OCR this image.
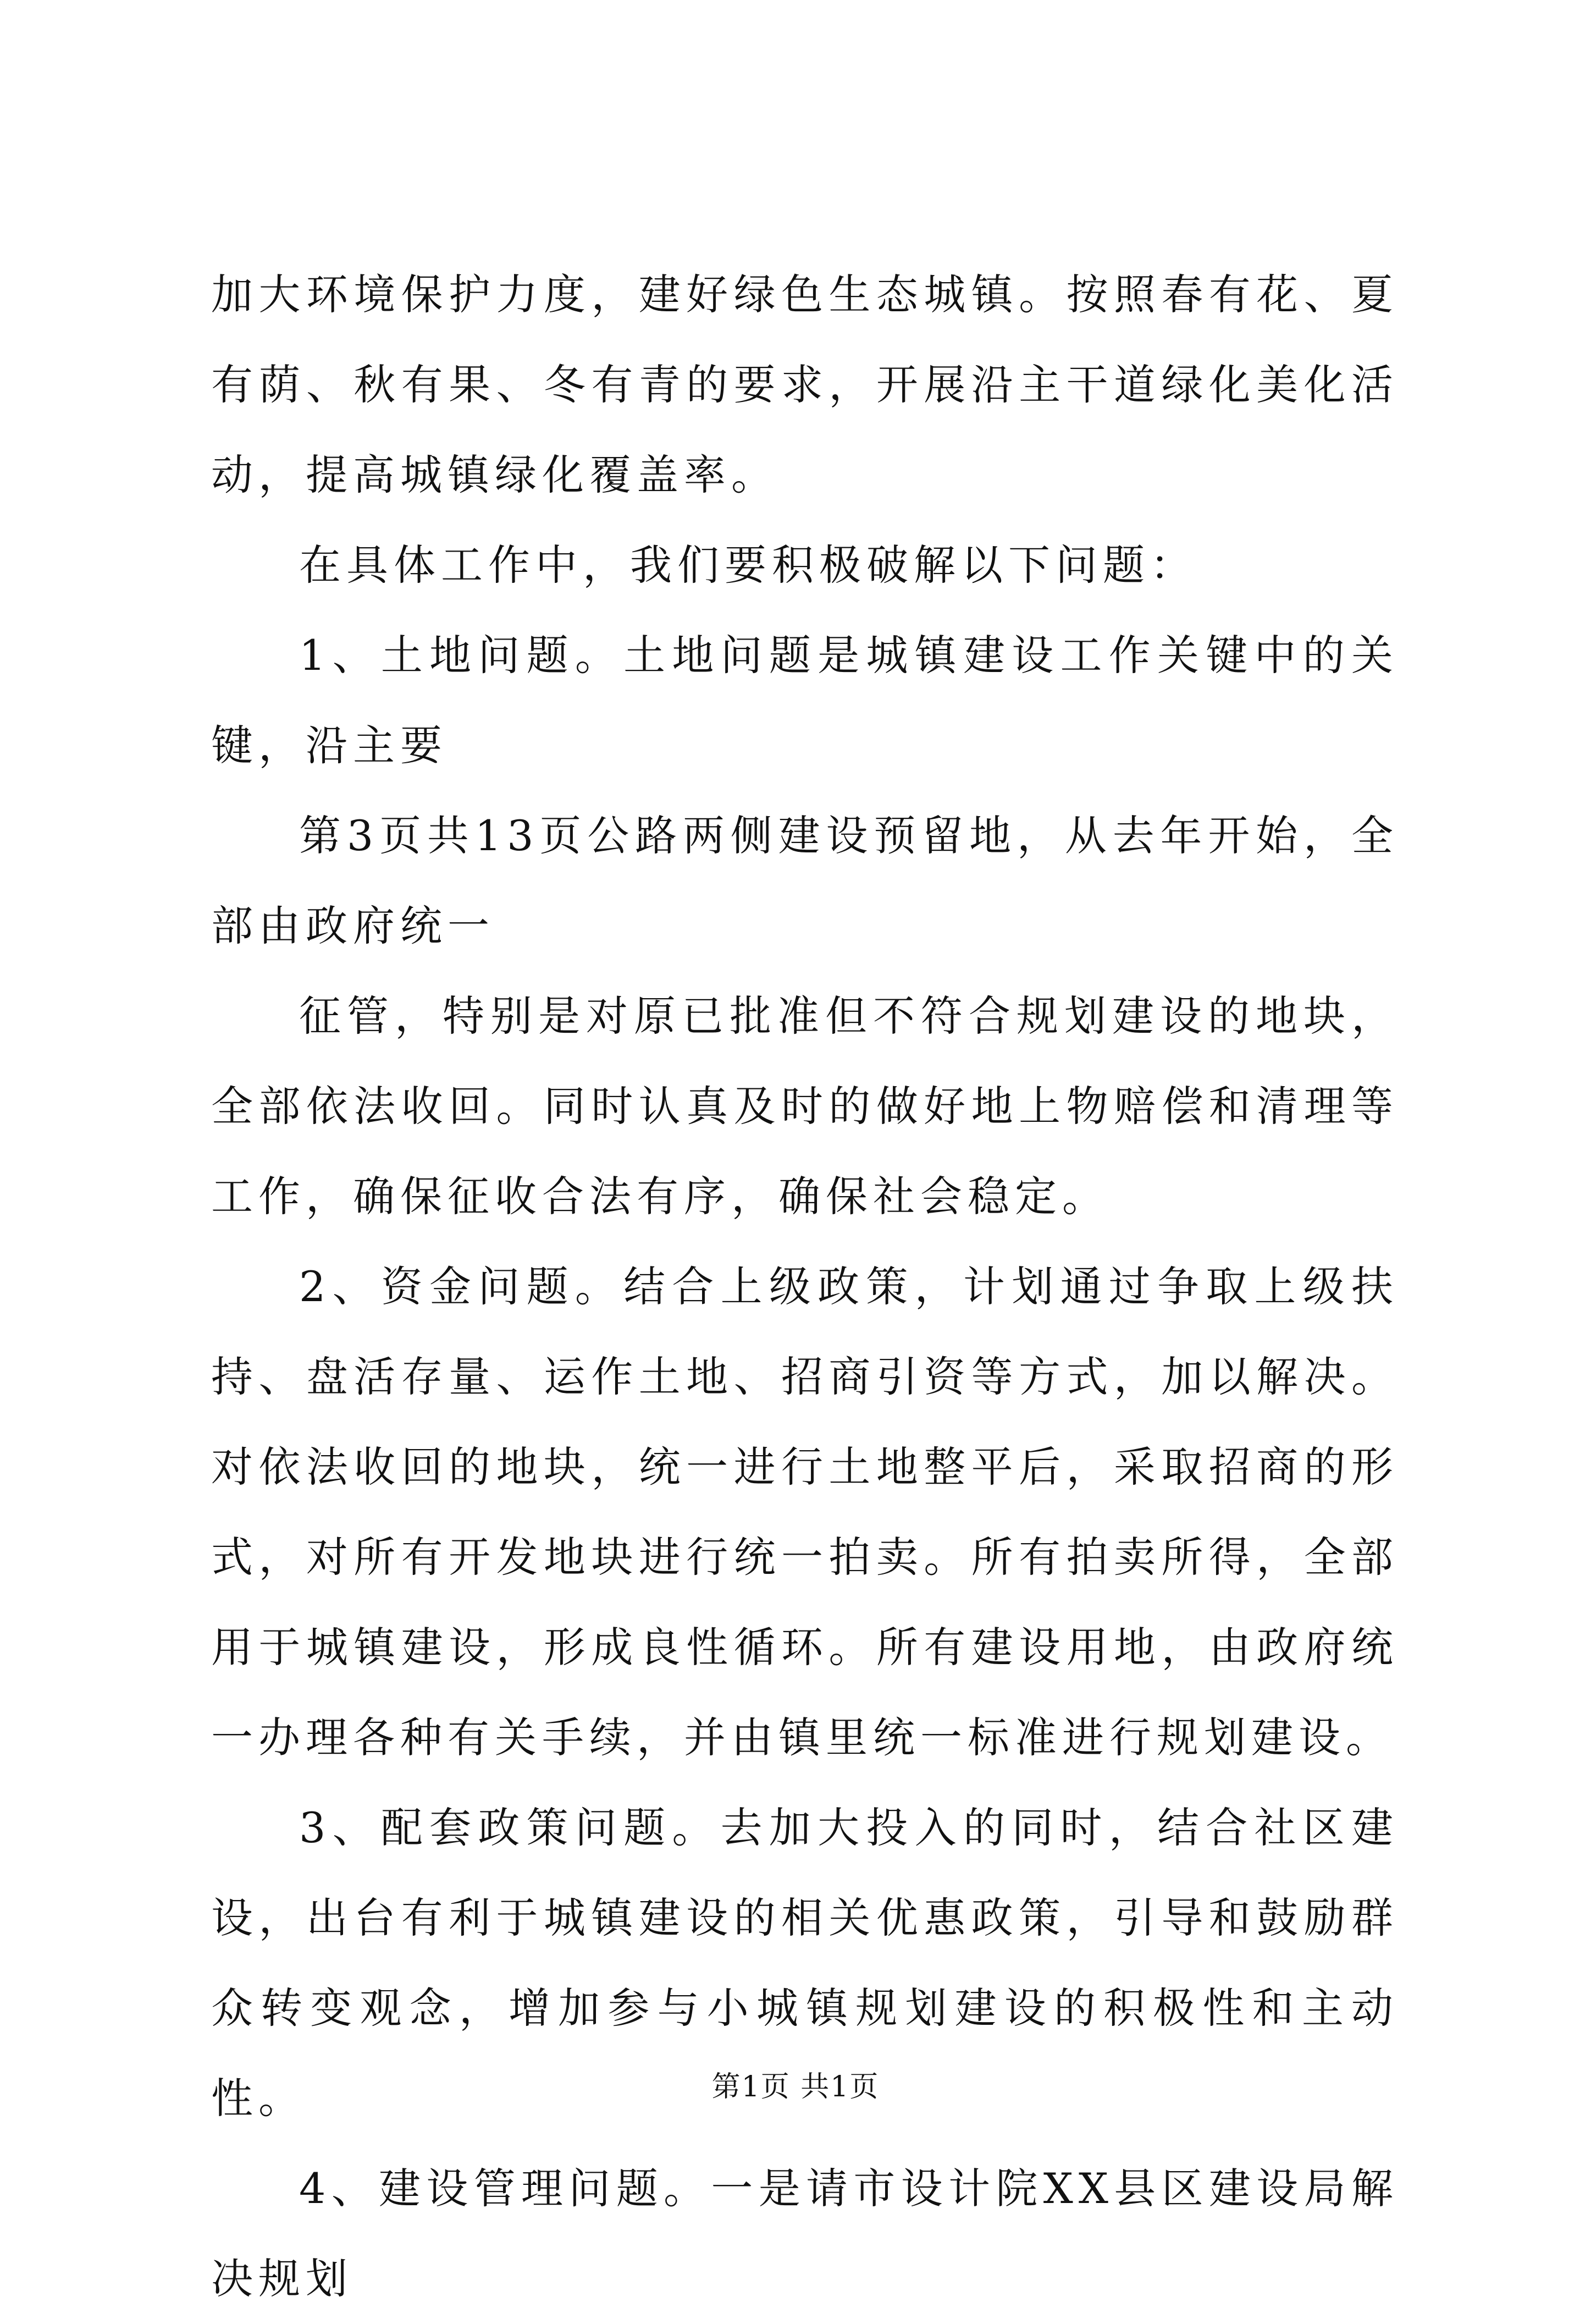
加大环境保护力度，建好绿色生态城镇。按照春有花、夏有荫、秋有果、冬有青的要求，开展沿主干道绿化美化活动，提高城镇绿化覆盖率。

在具体工作中，我们要积极破解以下问题：

1、土地问题。土地问题是城镇建设工作关键中的关键，沿主要

第3页共13页公路两侧建设预留地，从去年开始，全部由政府统一

征管，特别是对原已批准但不符合规划建设的地块，全部依法收回。同时认真及时的做好地上物赔偿和清理等工作，确保征收合法有序，确保社会稳定。

2、资金问题。结合上级政策，计划通过争取上级扶持、盘活存量、运作土地、招商引资等方式，加以解决。对依法收回的地块，统一进行土地整平后，采取招商的形式，对所有开发地块进行统一拍卖。所有拍卖所得，全部用于城镇建设，形成良性循环。所有建设用地，由政府统一办理各种有关手续，并由镇里统一标准进行规划建设。

3、配套政策问题。去加大投入的同时，结合社区建设，出台有利于城镇建设的相关优惠政策，引导和鼓励群众转变观念，增加参与小城镇规划建设的积极性和主动性。

4、建设管理问题。一是请市设计院XX县区建设局解决规划

第1页 共1页
